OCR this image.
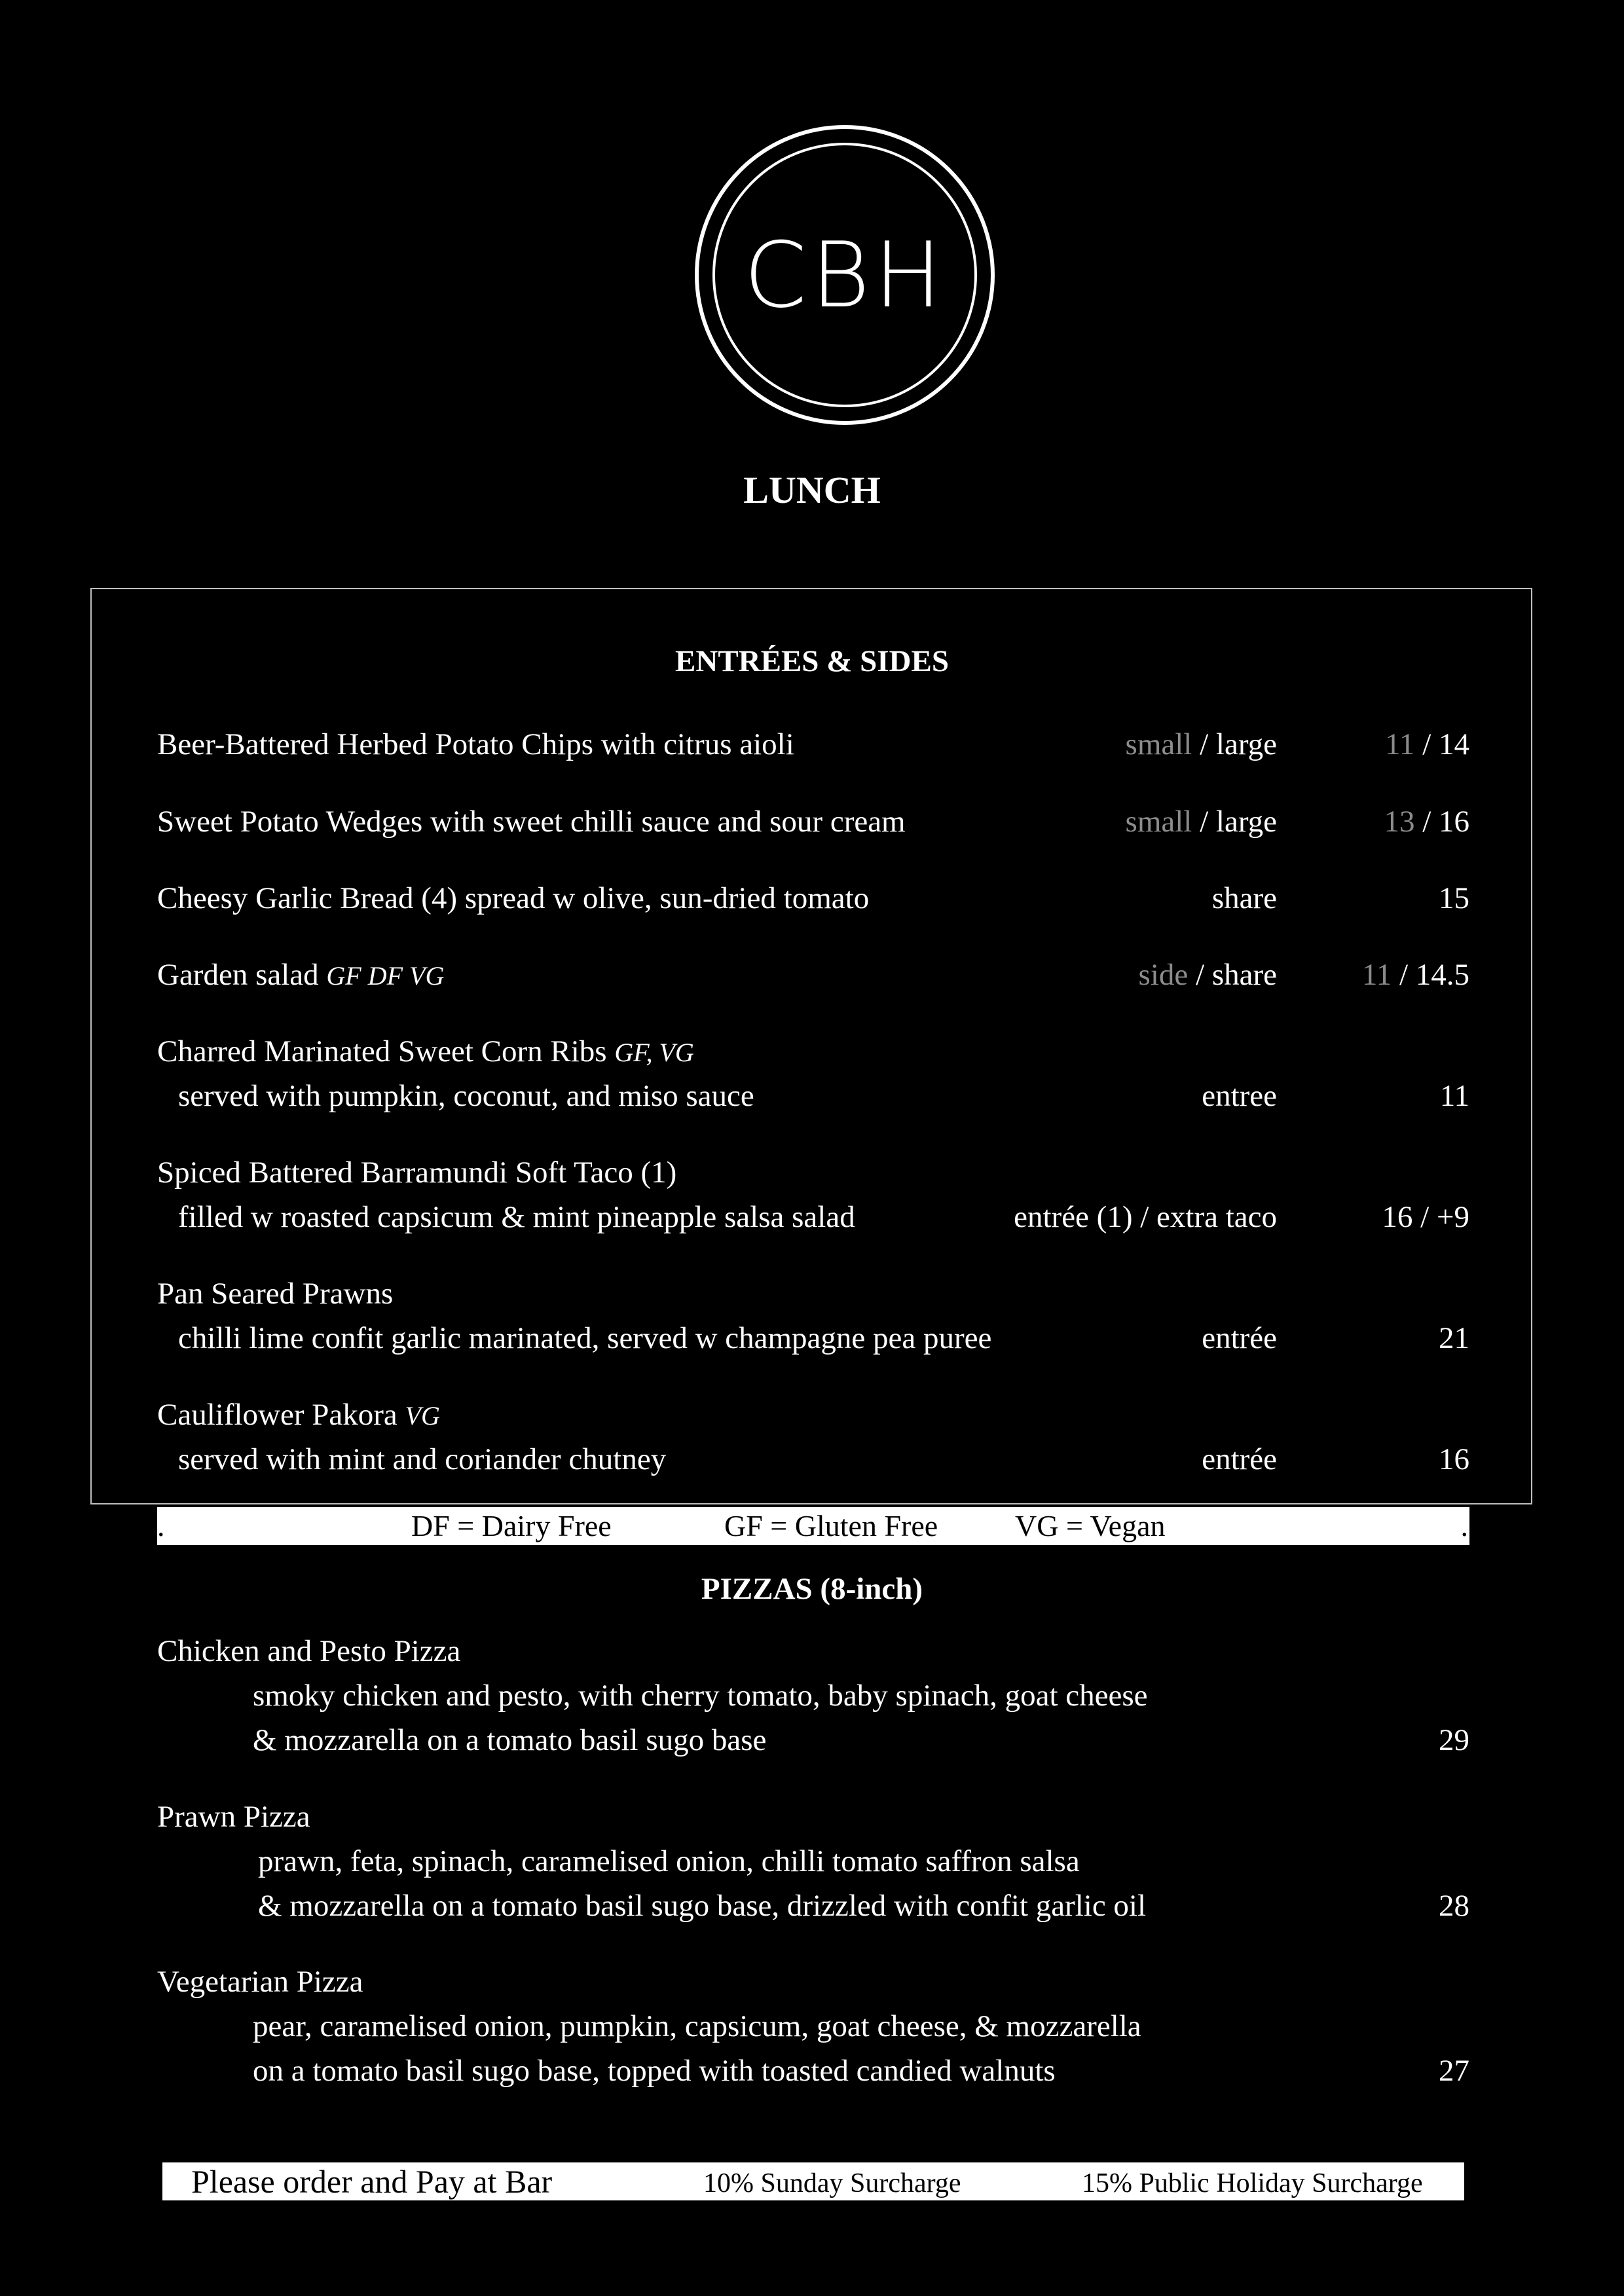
CBH
LUNCH
ENTRÉES & SIDES
Beer-Battered Herbed Potato Chips with citrus aioli	small / large	11 / 14
Sweet Potato Wedges with sweet chilli sauce and sour cream	small / large	13 / 16
Cheesy Garlic Bread (4) spread w olive, sun-dried tomato	share	15
Garden salad GF DF VG	side / share	11 / 14.5
Charred Marinated Sweet Corn Ribs GF, VG
served with pumpkin, coconut, and miso sauce	entree	11
Spiced Battered Barramundi Soft Taco (1)
filled w roasted capsicum & mint pineapple salsa salad	entrée (1) / extra taco	16 / +9
Pan Seared Prawns
chilli lime confit garlic marinated, served w champagne pea puree	entrée	21
Cauliflower Pakora VG
served with mint and coriander chutney	entrée	16
.	DF = Dairy Free	GF = Gluten Free	VG = Vegan	.
PIZZAS (8-inch)
Chicken and Pesto Pizza
smoky chicken and pesto, with cherry tomato, baby spinach, goat cheese
& mozzarella on a tomato basil sugo base	29
Prawn Pizza
prawn, feta, spinach, caramelised onion, chilli tomato saffron salsa
& mozzarella on a tomato basil sugo base, drizzled with confit garlic oil	28
Vegetarian Pizza
pear, caramelised onion, pumpkin, capsicum, goat cheese, & mozzarella
on a tomato basil sugo base, topped with toasted candied walnuts	27
Please order and Pay at Bar	10% Sunday Surcharge	15% Public Holiday Surcharge
